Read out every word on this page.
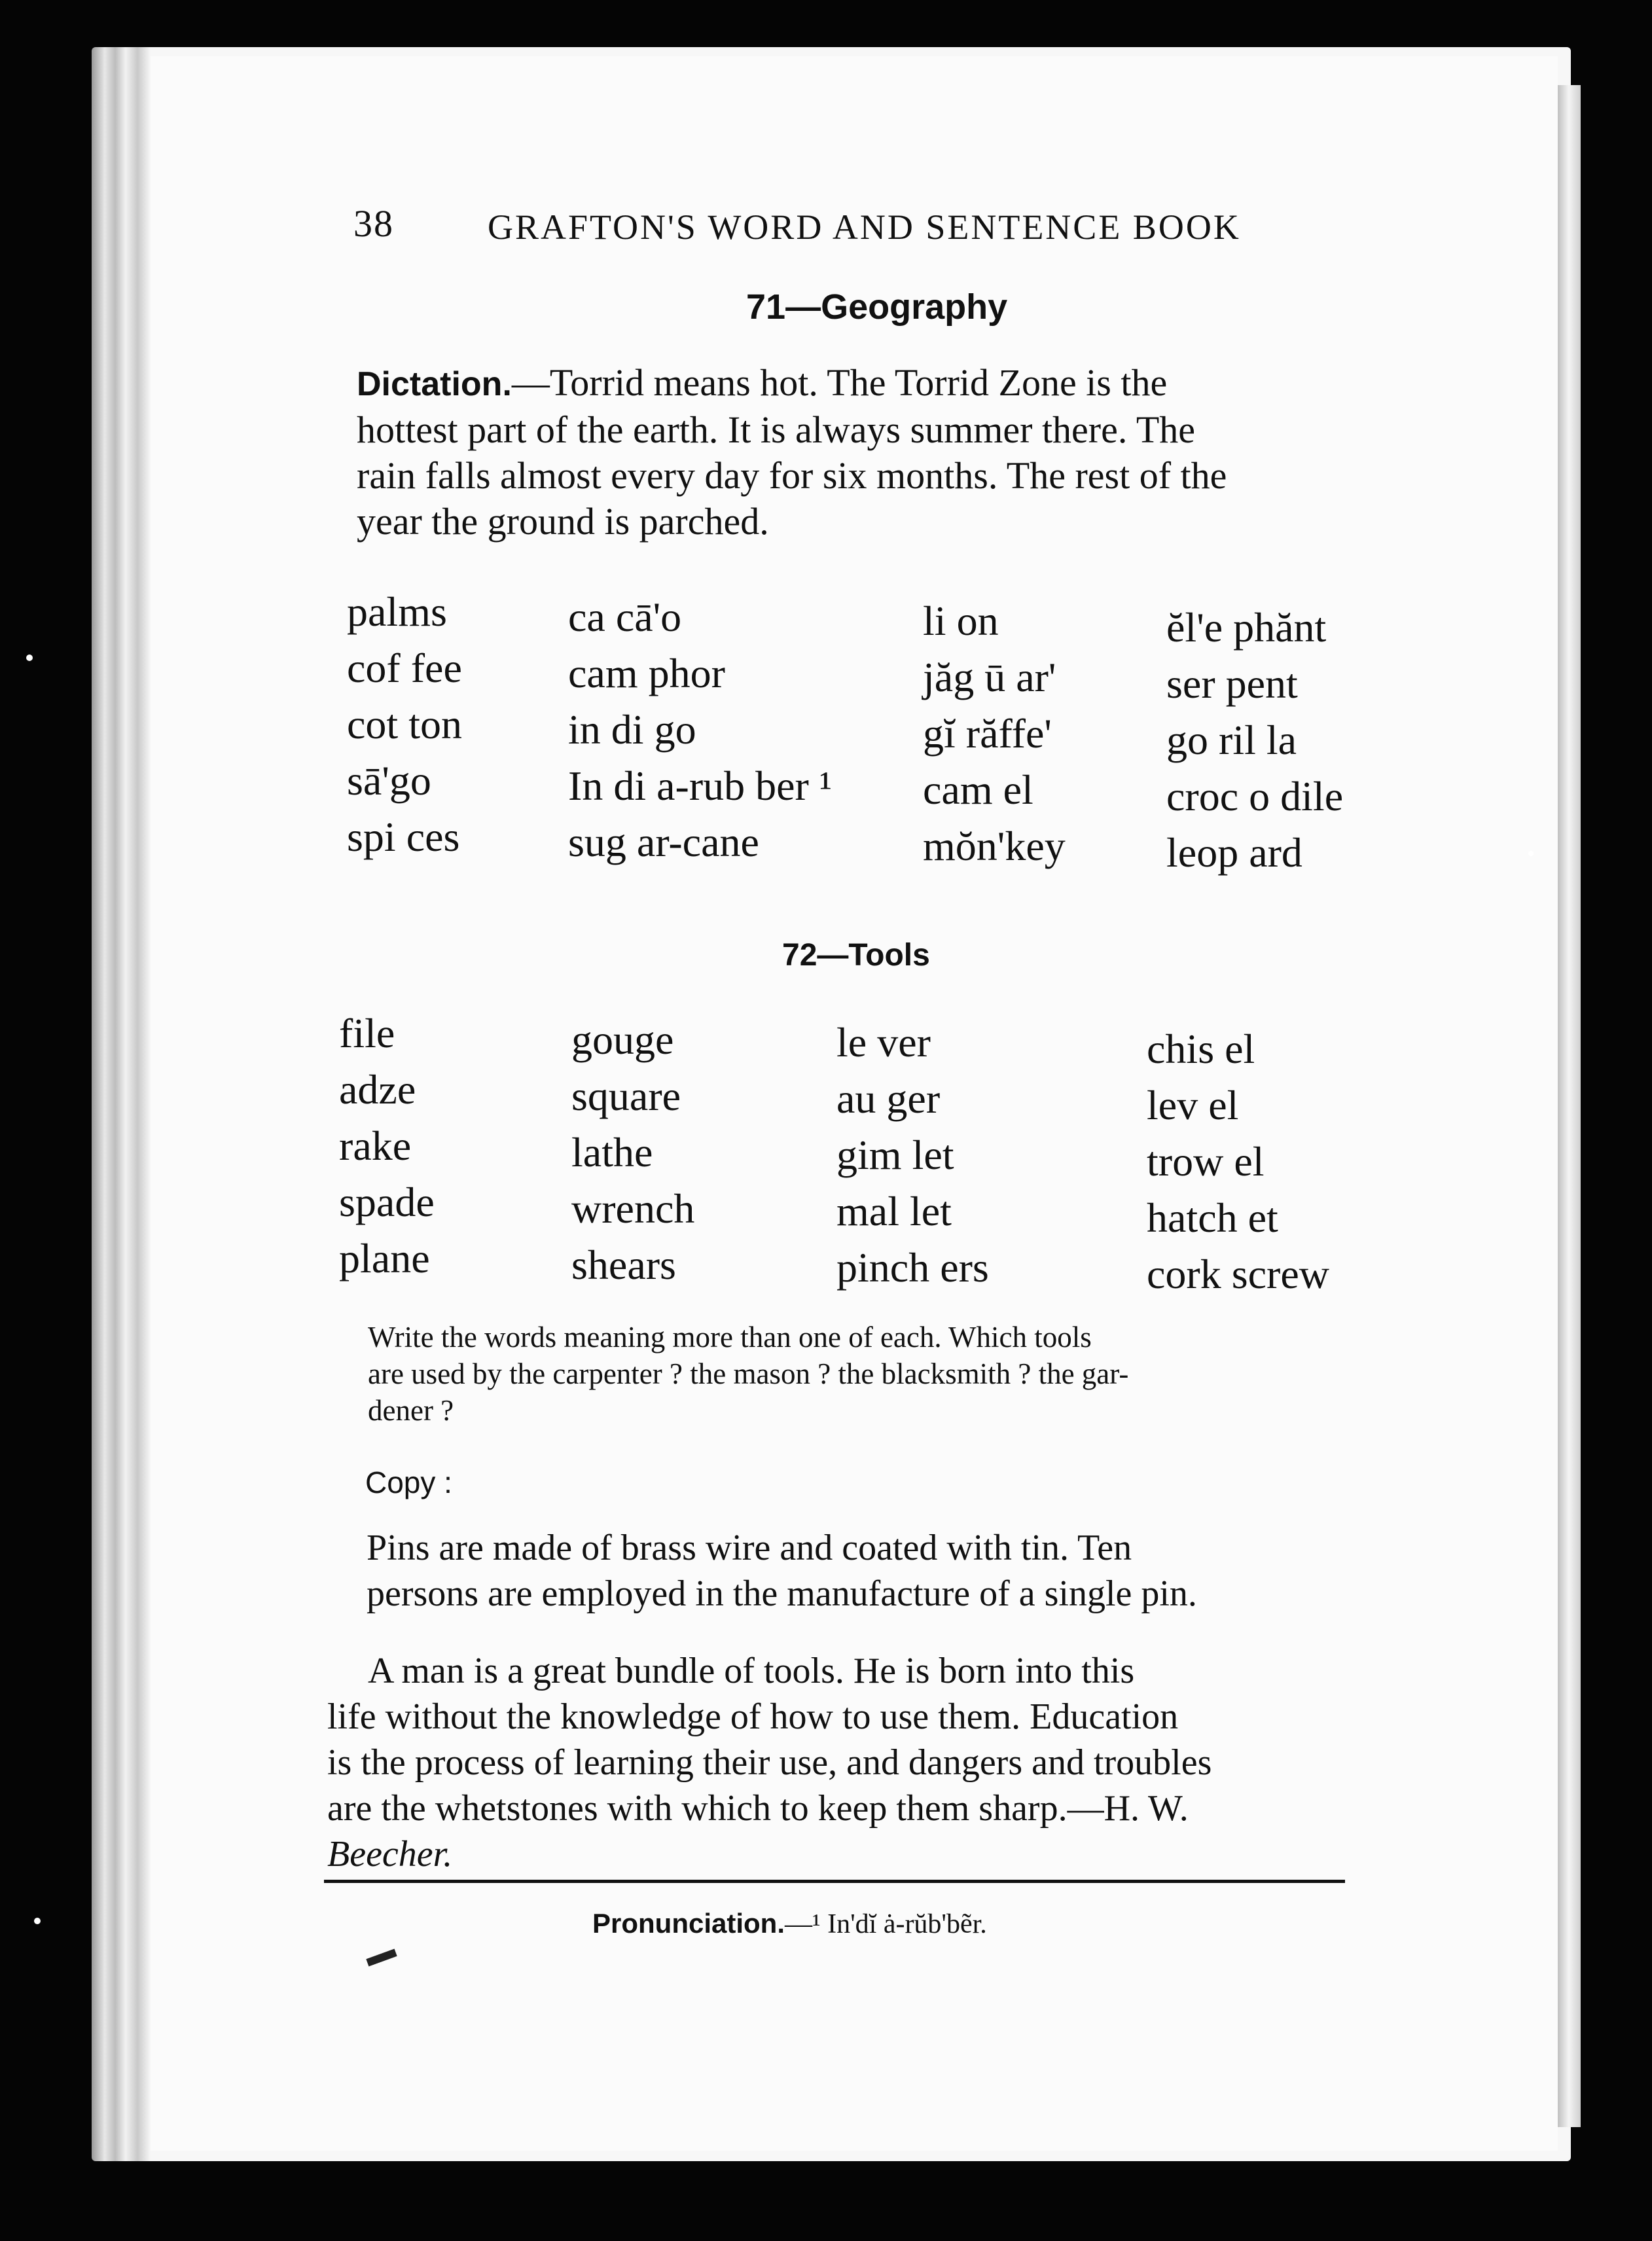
38	GRAFTON'S WORD AND SENTENCE BOOK
71—Geography
Dictation.—Torrid means hot. The Torrid Zone is the
hottest part of the earth. It is always summer there. The
rain falls almost every day for six months. The rest of the
year the ground is parched.
palms
cof fee
cot ton
sā'go
spi ces
ca cā'o
cam phor
in di go
In di a-rub ber ¹
sug ar-cane
li on
jăg ū ar'
gĭ răffe'
cam el
mŏn'key
ĕl'e phănt
ser pent
go ril la
croc o dile
leop ard
72—Tools
file
adze
rake
spade
plane
gouge
square
lathe
wrench
shears
le ver
au ger
gim let
mal let
pinch ers
chis el
lev el
trow el
hatch et
cork screw
Write the words meaning more than one of each. Which tools
are used by the carpenter ? the mason ? the blacksmith ? the gar-
dener ?
Copy :
Pins are made of brass wire and coated with tin. Ten
persons are employed in the manufacture of a single pin.
A man is a great bundle of tools. He is born into this
life without the knowledge of how to use them. Education
is the process of learning their use, and dangers and troubles
are the whetstones with which to keep them sharp.—H. W.
Beecher.
Pronunciation.—¹ In'dĭ ȧ-rŭb'bẽr.
